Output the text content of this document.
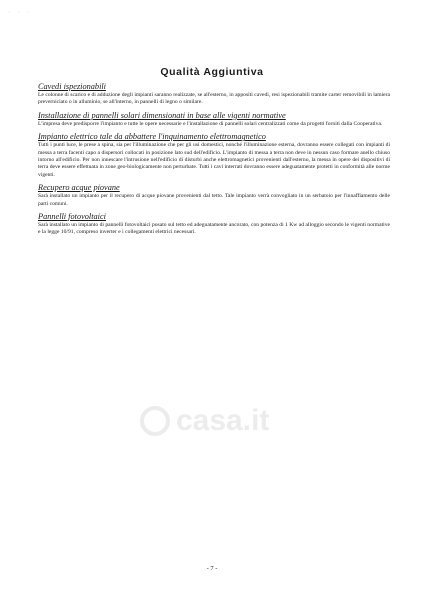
· · ·
Qualità Aggiuntiva

Cavedi ispezionabili

Le colonne di scarico e di adduzione degli impianti saranno realizzate, se all'esterno, in appositi cavedi, resi ispezionabili tramite carter removibili in lamiera preverniciato o in alluminio, se all'interno, in pannelli di legno o similare.

Installazione di pannelli solari dimensionati in base alle vigenti normative

L'impresa deve predisporre l'impianto e tutte le opere necessarie e l'installazione di pannelli solari centralizzati come da progetti forniti dalla Cooperativa.

Impianto elettrico tale da abbattere l'inquinamento elettromagnetico

Tutti i punti luce, le prese a spina, sia per l'illuminazione che per gli usi domestici, nonché l'illuminazione esterna, dovranno essere collegati con impianti di messa a terra facenti capo a dispersori collocati in posizione lato sud dell'edificio. L'impianto di messa a terra non deve in nessun caso formare anello chiuso intorno all'edificio. Per non innescare l'intrusione nell'edificio di disturbi anche elettromagnetici provenienti dall'esterno, la messa in opere dei dispositivi di terra deve essere effettuata in zone geo-biologicamente non perturbate. Tutti i cavi interrati dovranno essere adeguatamente protetti in conformità alle norme vigenti.

Recupero acque piovane

Sarà installato un impianto per il recupero di acque piovane provenienti dal tetto. Tale impianto verrà convogliato in un serbatoio per l'innaffiamento delle parti comuni.

Pannelli fotovoltaici

Sarà installato un impianto di pannelli fotovoltaici posato sul tetto ed adeguatamente ancorato, con potenza di 1 Kw ad alloggio secondo le vigenti normative e la legge 10/91, compreso inverter e i collegamenti elettrici necessari.

casa.it
- 7 -
